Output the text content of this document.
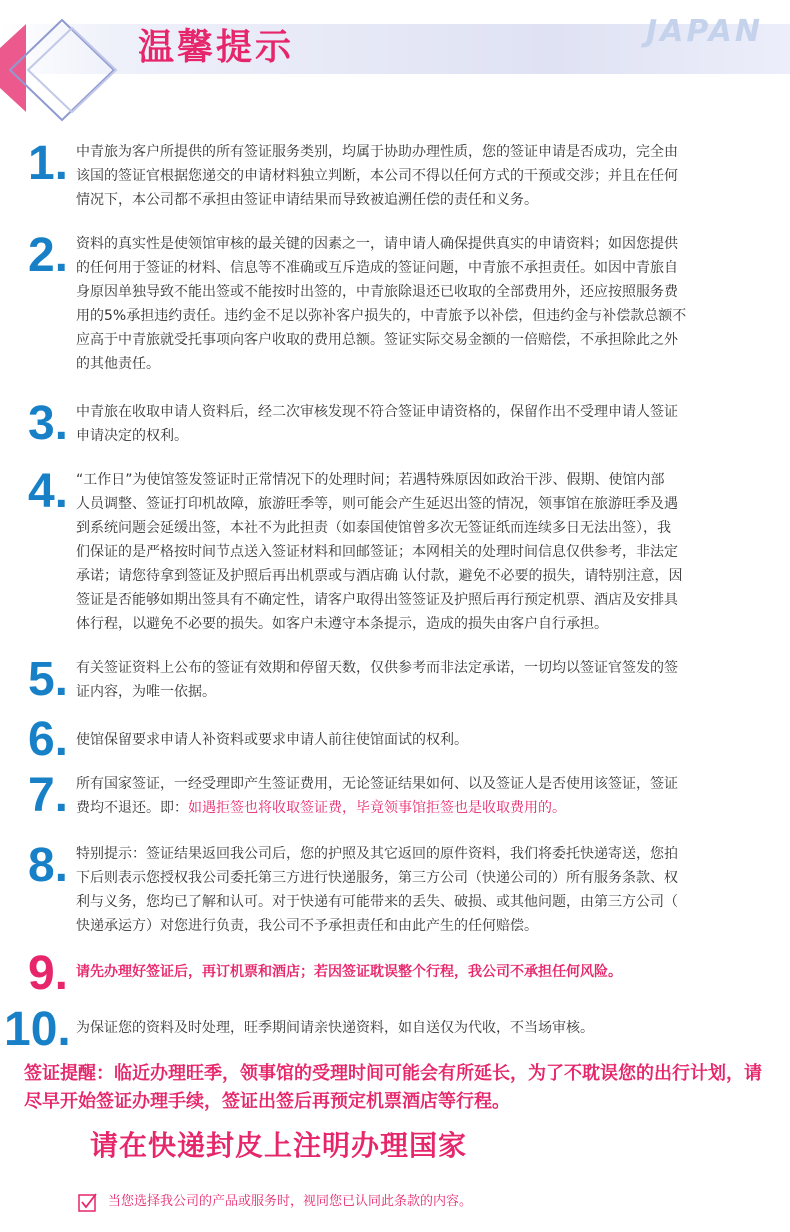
温馨提示	JAPAN
1. 中青旅为客户所提供的所有签证服务类别，均属于协助办理性质，您的签证申请是否成功，完全由
该国的签证官根据您递交的申请材料独立判断，本公司不得以任何方式的干预或交涉；并且在任何
情况下，本公司都不承担由签证申请结果而导致被追溯任偿的责任和义务。
2. 资料的真实性是使领馆审核的最关键的因素之一，请申请人确保提供真实的申请资料；如因您提供
的任何用于签证的材料、信息等不准确或互斥造成的签证问题，中青旅不承担责任。如因中青旅自
身原因单独导致不能出签或不能按时出签的，中青旅除退还已收取的全部费用外，还应按照服务费
用的5%承担违约责任。违约金不足以弥补客户损失的，中青旅予以补偿，但违约金与补偿款总额不
应高于中青旅就受托事项向客户收取的费用总额。签证实际交易金额的一倍赔偿，不承担除此之外
的其他责任。
3. 中青旅在收取申请人资料后，经二次审核发现不符合签证申请资格的，保留作出不受理申请人签证
申请决定的权利。
4. “工作日”为使馆签发签证时正常情况下的处理时间；若遇特殊原因如政治干涉、假期、使馆内部
人员调整、签证打印机故障，旅游旺季等，则可能会产生延迟出签的情况，领事馆在旅游旺季及遇
到系统问题会延缓出签，本社不为此担责（如泰国使馆曾多次无签证纸而连续多日无法出签），我
们保证的是严格按时间节点送入签证材料和回邮签证；本网相关的处理时间信息仅供参考，非法定
承诺；请您待拿到签证及护照后再出机票或与酒店确 认付款，避免不必要的损失，请特别注意，因
签证是否能够如期出签具有不确定性，请客户取得出签签证及护照后再行预定机票、酒店及安排具
体行程，以避免不必要的损失。如客户未遵守本条提示，造成的损失由客户自行承担。
5. 有关签证资料上公布的签证有效期和停留天数，仅供参考而非法定承诺，一切均以签证官签发的签
证内容，为唯一依据。
6. 使馆保留要求申请人补资料或要求申请人前往使馆面试的权利。
7. 所有国家签证，一经受理即产生签证费用，无论签证结果如何、以及签证人是否使用该签证，签证
费均不退还。即：如遇拒签也将收取签证费，毕竟领事馆拒签也是收取费用的。
8. 特别提示：签证结果返回我公司后，您的护照及其它返回的原件资料，我们将委托快递寄送，您拍
下后则表示您授权我公司委托第三方进行快递服务，第三方公司（快递公司的）所有服务条款、权
利与义务，您均已了解和认可。对于快递有可能带来的丢失、破损、或其他问题，由第三方公司（
快递承运方）对您进行负责，我公司不予承担责任和由此产生的任何赔偿。
9. 请先办理好签证后，再订机票和酒店；若因签证耽误整个行程，我公司不承担任何风险。
10. 为保证您的资料及时处理，旺季期间请亲快递资料，如自送仅为代收，不当场审核。
签证提醒：临近办理旺季，领事馆的受理时间可能会有所延长，为了不耽误您的出行计划，请尽早开始签证办理手续，签证出签后再预定机票酒店等行程。
请在快递封皮上注明办理国家
当您选择我公司的产品或服务时，视同您已认同此条款的内容。
